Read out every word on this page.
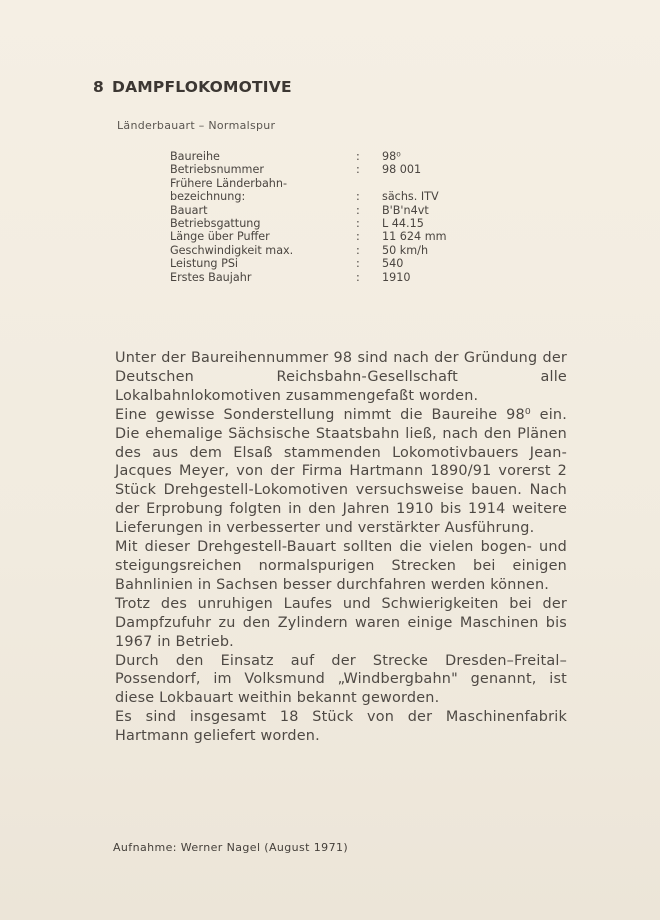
8 DAMPFLOKOMOTIVE
Länderbauart – Normalspur
Baureihe	:	98⁰
Betriebsnummer	:	98 001
Frühere Länderbahn-		
bezeichnung:	:	sächs. ITV
Bauart	:	B'B'n4vt
Betriebsgattung	:	L 44.15
Länge über Puffer	:	11 624 mm
Geschwindigkeit max.	:	50 km/h
Leistung PSi	:	540
Erstes Baujahr	:	1910

Unter der Baureihennummer 98 sind nach der Gründung der Deutschen Reichsbahn-Gesellschaft alle Lokalbahnlokomotiven zusammengefaßt worden.

Eine gewisse Sonderstellung nimmt die Baureihe 98⁰ ein. Die ehemalige Sächsische Staatsbahn ließ, nach den Plänen des aus dem Elsaß stammenden Lokomotivbauers Jean-Jacques Meyer, von der Firma Hartmann 1890/91 vorerst 2 Stück Drehgestell-Lokomotiven versuchsweise bauen. Nach der Erprobung folgten in den Jahren 1910 bis 1914 weitere Lieferungen in verbesserter und verstärkter Ausführung.

Mit dieser Drehgestell-Bauart sollten die vielen bogen- und steigungsreichen normalspurigen Strecken bei einigen Bahnlinien in Sachsen besser durchfahren werden können.

Trotz des unruhigen Laufes und Schwierigkeiten bei der Dampfzufuhr zu den Zylindern waren einige Maschinen bis 1967 in Betrieb.

Durch den Einsatz auf der Strecke Dresden–Freital–Possendorf, im Volksmund „Windbergbahn" genannt, ist diese Lokbauart weithin bekannt geworden.

Es sind insgesamt 18 Stück von der Maschinenfabrik Hartmann geliefert worden.

Aufnahme: Werner Nagel (August 1971)
